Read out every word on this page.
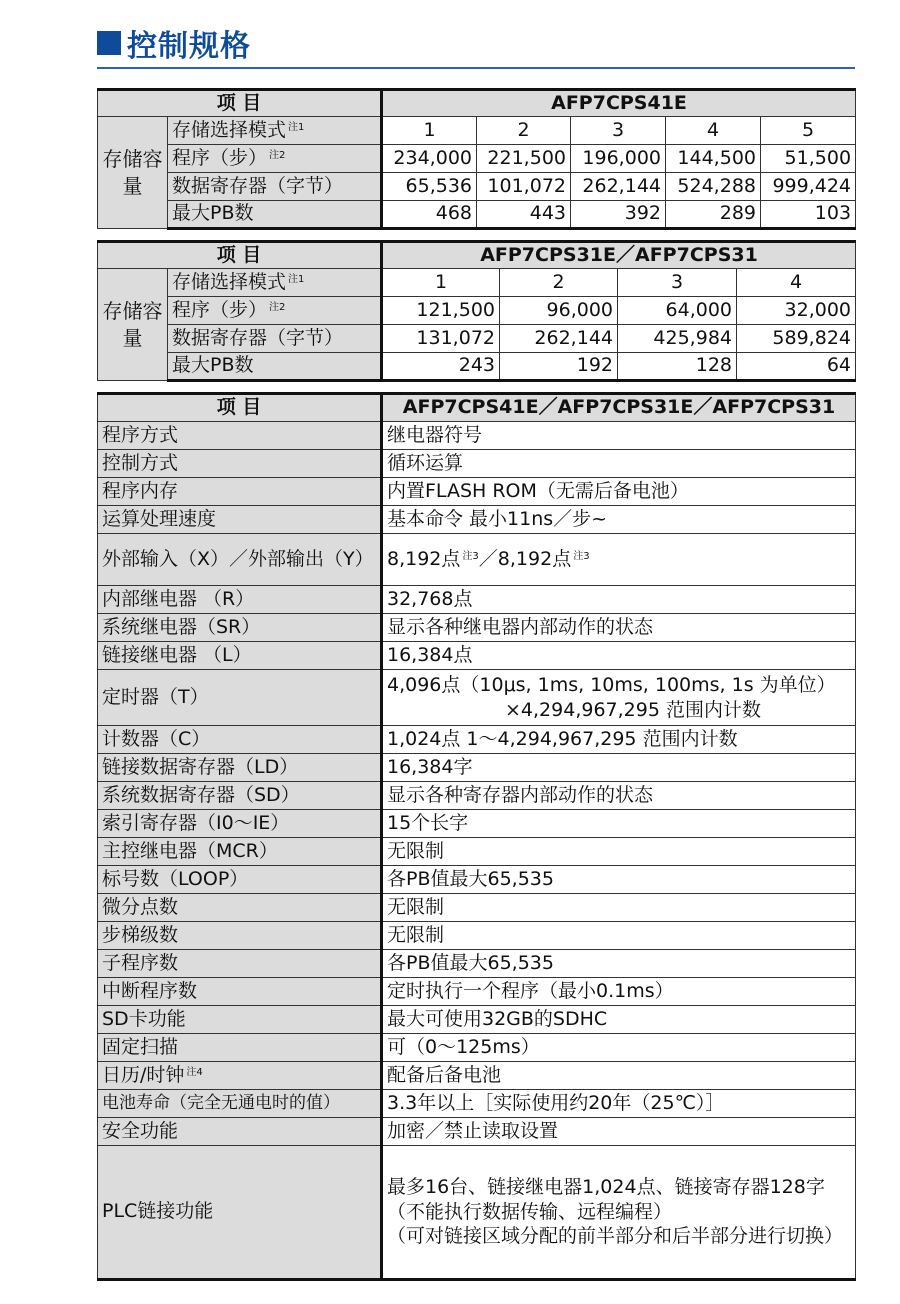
控制规格
项 目		AFP7CPS41E				
存储容量	存储选择模式 $^{注1}$	1	2	3	4	5
	程序（步） $^{注2}$	234,000	221,500	196,000	144,500	51,500
	数据寄存器（字节）	65,536	101,072	262,144	524,288	999,424
	最大PB数	468	443	392	289	103
项 目		AFP7CPS31E／AFP7CPS31			
存储容量	存储选择模式 $^{注1}$	1	2	3	4
	程序（步） $^{注2}$	121,500	96,000	64,000	32,000
	数据寄存器（字节）	131,072	262,144	425,984	589,824
	最大PB数	243	192	128	64
项 目	AFP7CPS41E／AFP7CPS31E／AFP7CPS31
程序方式	继电器符号
控制方式	循环运算
程序内存	内置FLASH ROM（无需后备电池）
运算处理速度	基本命令 最小11ns／步~
外部输入（X）／外部输出（Y）	8,192点 $^{注3}$／8,192点 $^{注3}$
内部继电器 （R）	32,768点
系统继电器（SR）	显示各种继电器内部动作的状态
链接继电器 （L）	16,384点
定时器（T）	4,096点（10μs, 1ms, 10ms, 100ms, 1s 为单位）
×4,294,967,295 范围内计数

计数器（C）	1,024点 1～4,294,967,295 范围内计数
链接数据寄存器（LD）	16,384字
系统数据寄存器（SD）	显示各种寄存器内部动作的状态
索引寄存器（I0～IE）	15个长字
主控继电器（MCR）	无限制
标号数（LOOP）	各PB值最大65,535
微分点数	无限制
步梯级数	无限制
子程序数	各PB值最大65,535
中断程序数	定时执行一个程序（最小0.1ms）
SD卡功能	最大可使用32GB的SDHC
固定扫描	可（0～125ms）
日历/时钟 $^{注4}$	配备后备电池
电池寿命（完全无通电时的值）	3.3年以上［实际使用约20年（25℃）］
安全功能	加密／禁止读取设置
PLC链接功能	最多16台、链接继电器1,024点、链接寄存器128字
（不能执行数据传输、远程编程）
（可对链接区域分配的前半部分和后半部分进行切换）
